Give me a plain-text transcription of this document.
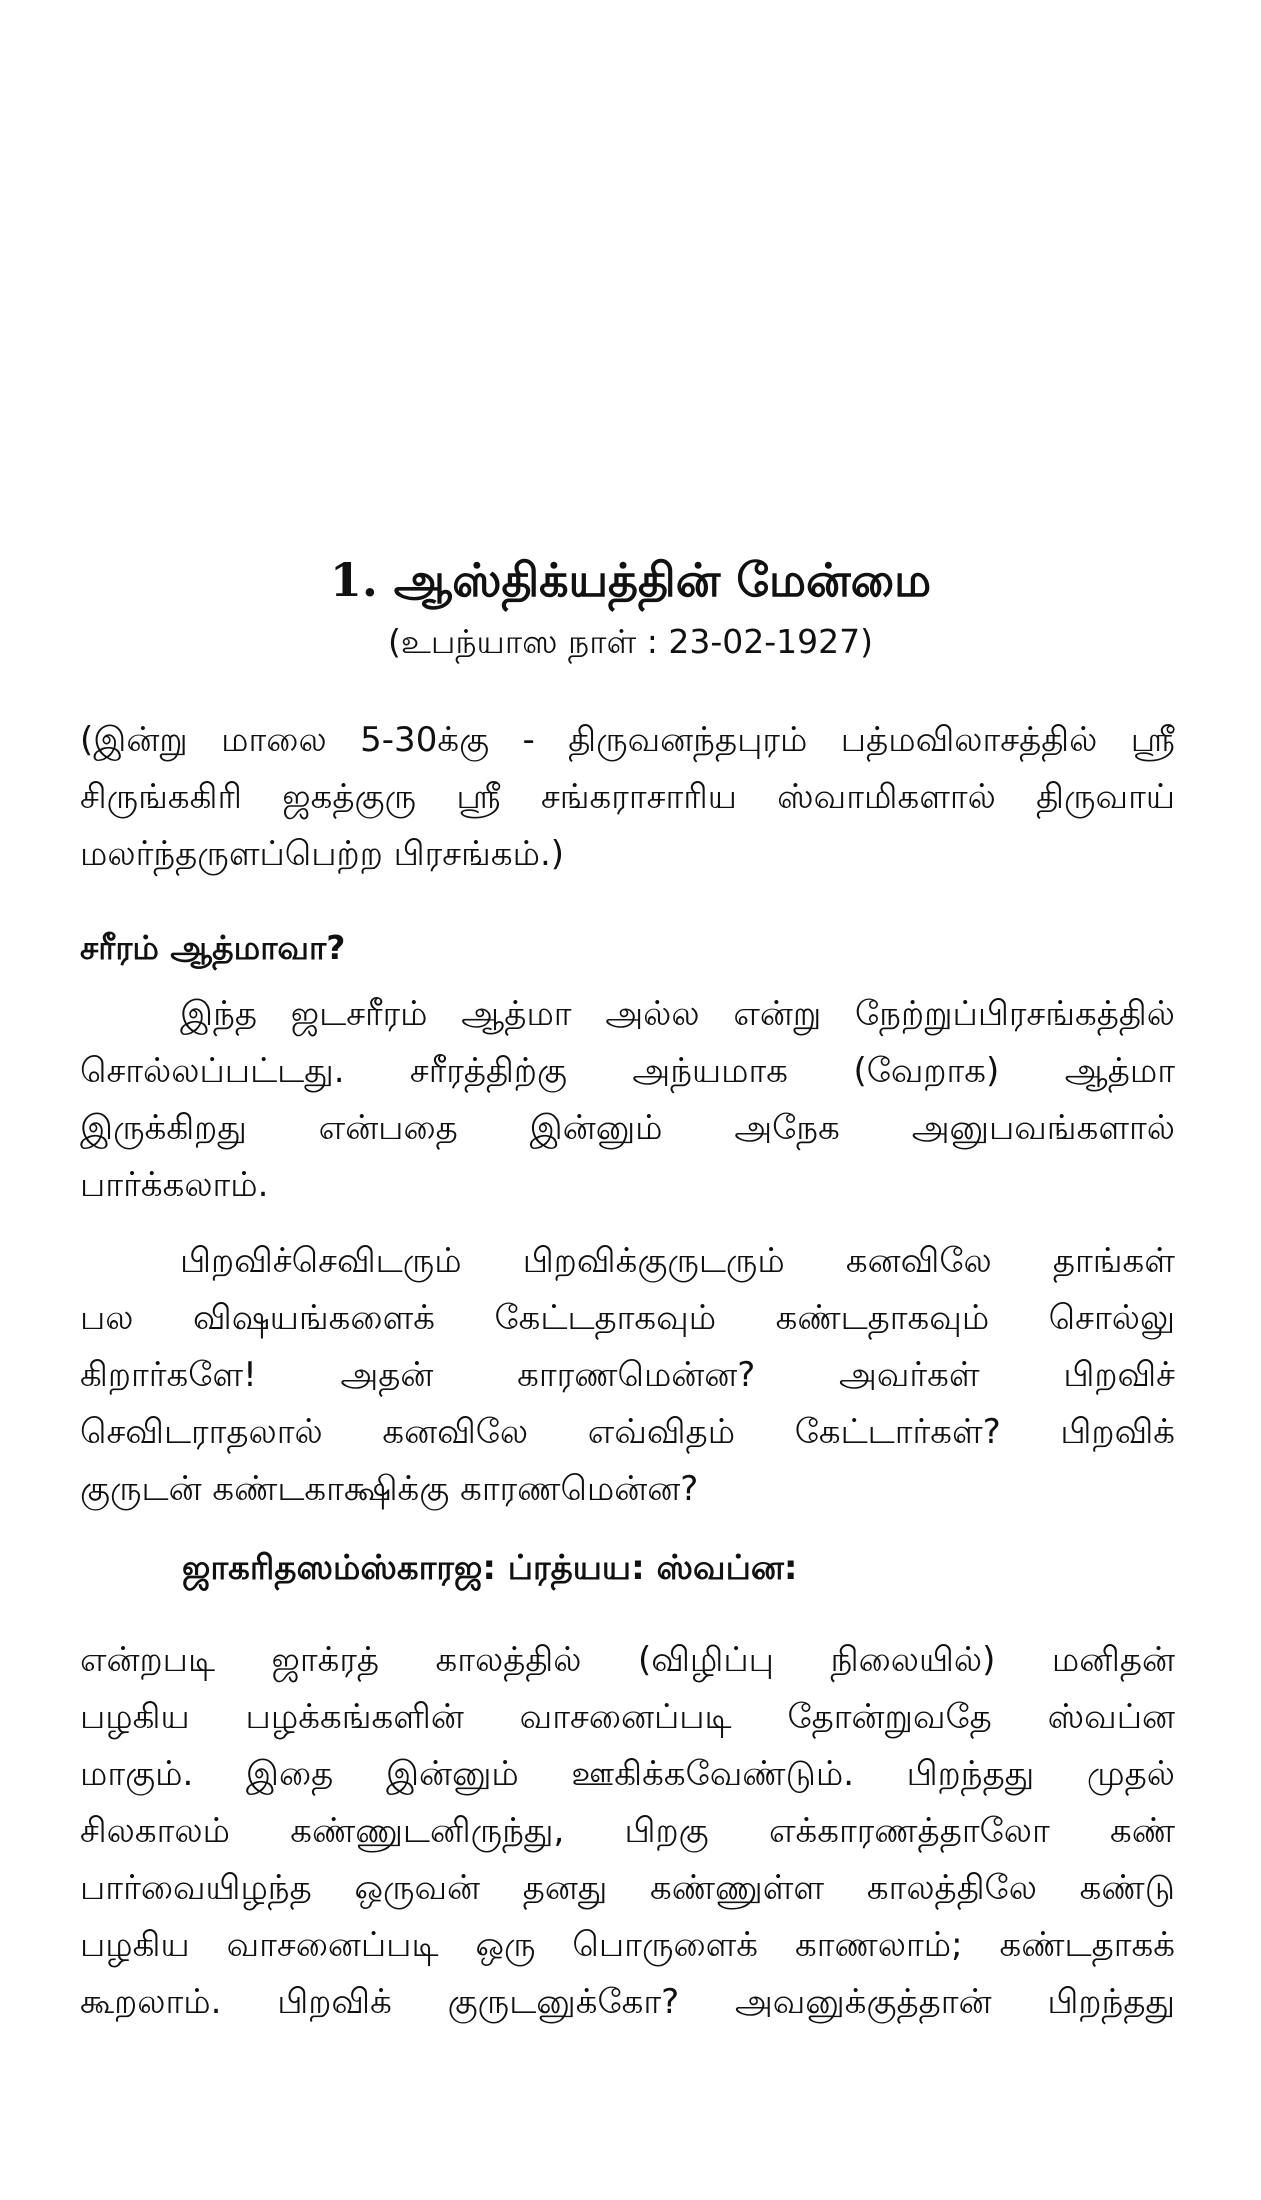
1. ஆஸ்திக்யத்தின் மேன்மை
(உபந்யாஸ நாள் : 23-02-1927)
(இன்று மாலை 5-30க்கு - திருவனந்தபுரம் பத்மவிலாசத்தில் ஸ்ரீ
சிருங்ககிரி ஜகத்குரு ஸ்ரீ சங்கராசாரிய ஸ்வாமிகளால் திருவாய்
மலர்ந்தருளப்பெற்ற பிரசங்கம்.)
சரீரம் ஆத்மாவா?
இந்த ஜடசரீரம் ஆத்மா அல்ல என்று நேற்றுப்பிரசங்கத்தில்
சொல்லப்பட்டது. சரீரத்திற்கு அந்யமாக (வேறாக) ஆத்மா
இருக்கிறது என்பதை இன்னும் அநேக அனுபவங்களால்
பார்க்கலாம்.
பிறவிச்செவிடரும் பிறவிக்குருடரும் கனவிலே தாங்கள்
பல விஷயங்களைக் கேட்டதாகவும் கண்டதாகவும் சொல்லு
கிறார்களே! அதன் காரணமென்ன? அவர்கள் பிறவிச்
செவிடராதலால் கனவிலே எவ்விதம் கேட்டார்கள்? பிறவிக்
குருடன் கண்டகாக்ஷிக்கு காரணமென்ன?
ஜாகரிதஸம்ஸ்காரஜ: ப்ரத்யய: ஸ்வப்ன:
என்றபடி ஜாக்ரத் காலத்தில் (விழிப்பு நிலையில்) மனிதன்
பழகிய பழக்கங்களின் வாசனைப்படி தோன்றுவதே ஸ்வப்ன
மாகும். இதை இன்னும் ஊகிக்கவேண்டும். பிறந்தது முதல்
சிலகாலம் கண்ணுடனிருந்து, பிறகு எக்காரணத்தாலோ கண்
பார்வையிழந்த ஒருவன் தனது கண்ணுள்ள காலத்திலே கண்டு
பழகிய வாசனைப்படி ஒரு பொருளைக் காணலாம்; கண்டதாகக்
கூறலாம். பிறவிக் குருடனுக்கோ? அவனுக்குத்தான் பிறந்தது
